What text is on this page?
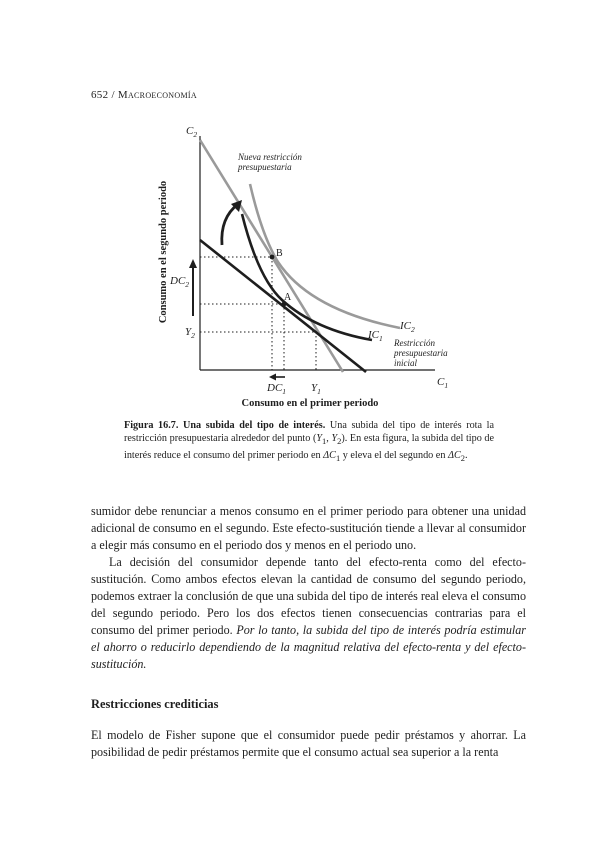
652 / Macroeconomía
$C_2$
$C_1$
Nueva restricción
presupuestaria
Restricción
presupuestaria
inicial
B
A
$IC_1$
$IC_2$
$DC_2$
$Y_2$
$DC_1$ $Y_1$
Consumo en el primer periodo
Consumo en el segundo periodo
Figura 16.7. Una subida del tipo de interés. Una subida del tipo de interés rota la restricción presupuestaria alrededor del punto ($Y_1$, $Y_2$). En esta figura, la subida del tipo de interés reduce el consumo del primer periodo en $\Delta C_1$ y eleva el del segundo en $\Delta C_2$.

sumidor debe renunciar a menos consumo en el primer periodo para obtener una unidad adicional de consumo en el segundo. Este efecto-sustitución tiende a llevar al consumidor a elegir más consumo en el periodo dos y menos en el periodo uno.

La decisión del consumidor depende tanto del efecto-renta como del efecto-sustitución. Como ambos efectos elevan la cantidad de consumo del segundo periodo, podemos extraer la conclusión de que una subida del tipo de interés real eleva el consumo del segundo periodo. Pero los dos efectos tienen consecuencias contrarias para el consumo del primer periodo. Por lo tanto, la subida del tipo de interés podría estimular el ahorro o reducirlo dependiendo de la magnitud relativa del efecto-renta y del efecto-sustitución.

Restricciones crediticias

El modelo de Fisher supone que el consumidor puede pedir préstamos y ahorrar. La posibilidad de pedir préstamos permite que el consumo actual sea superior a la renta
